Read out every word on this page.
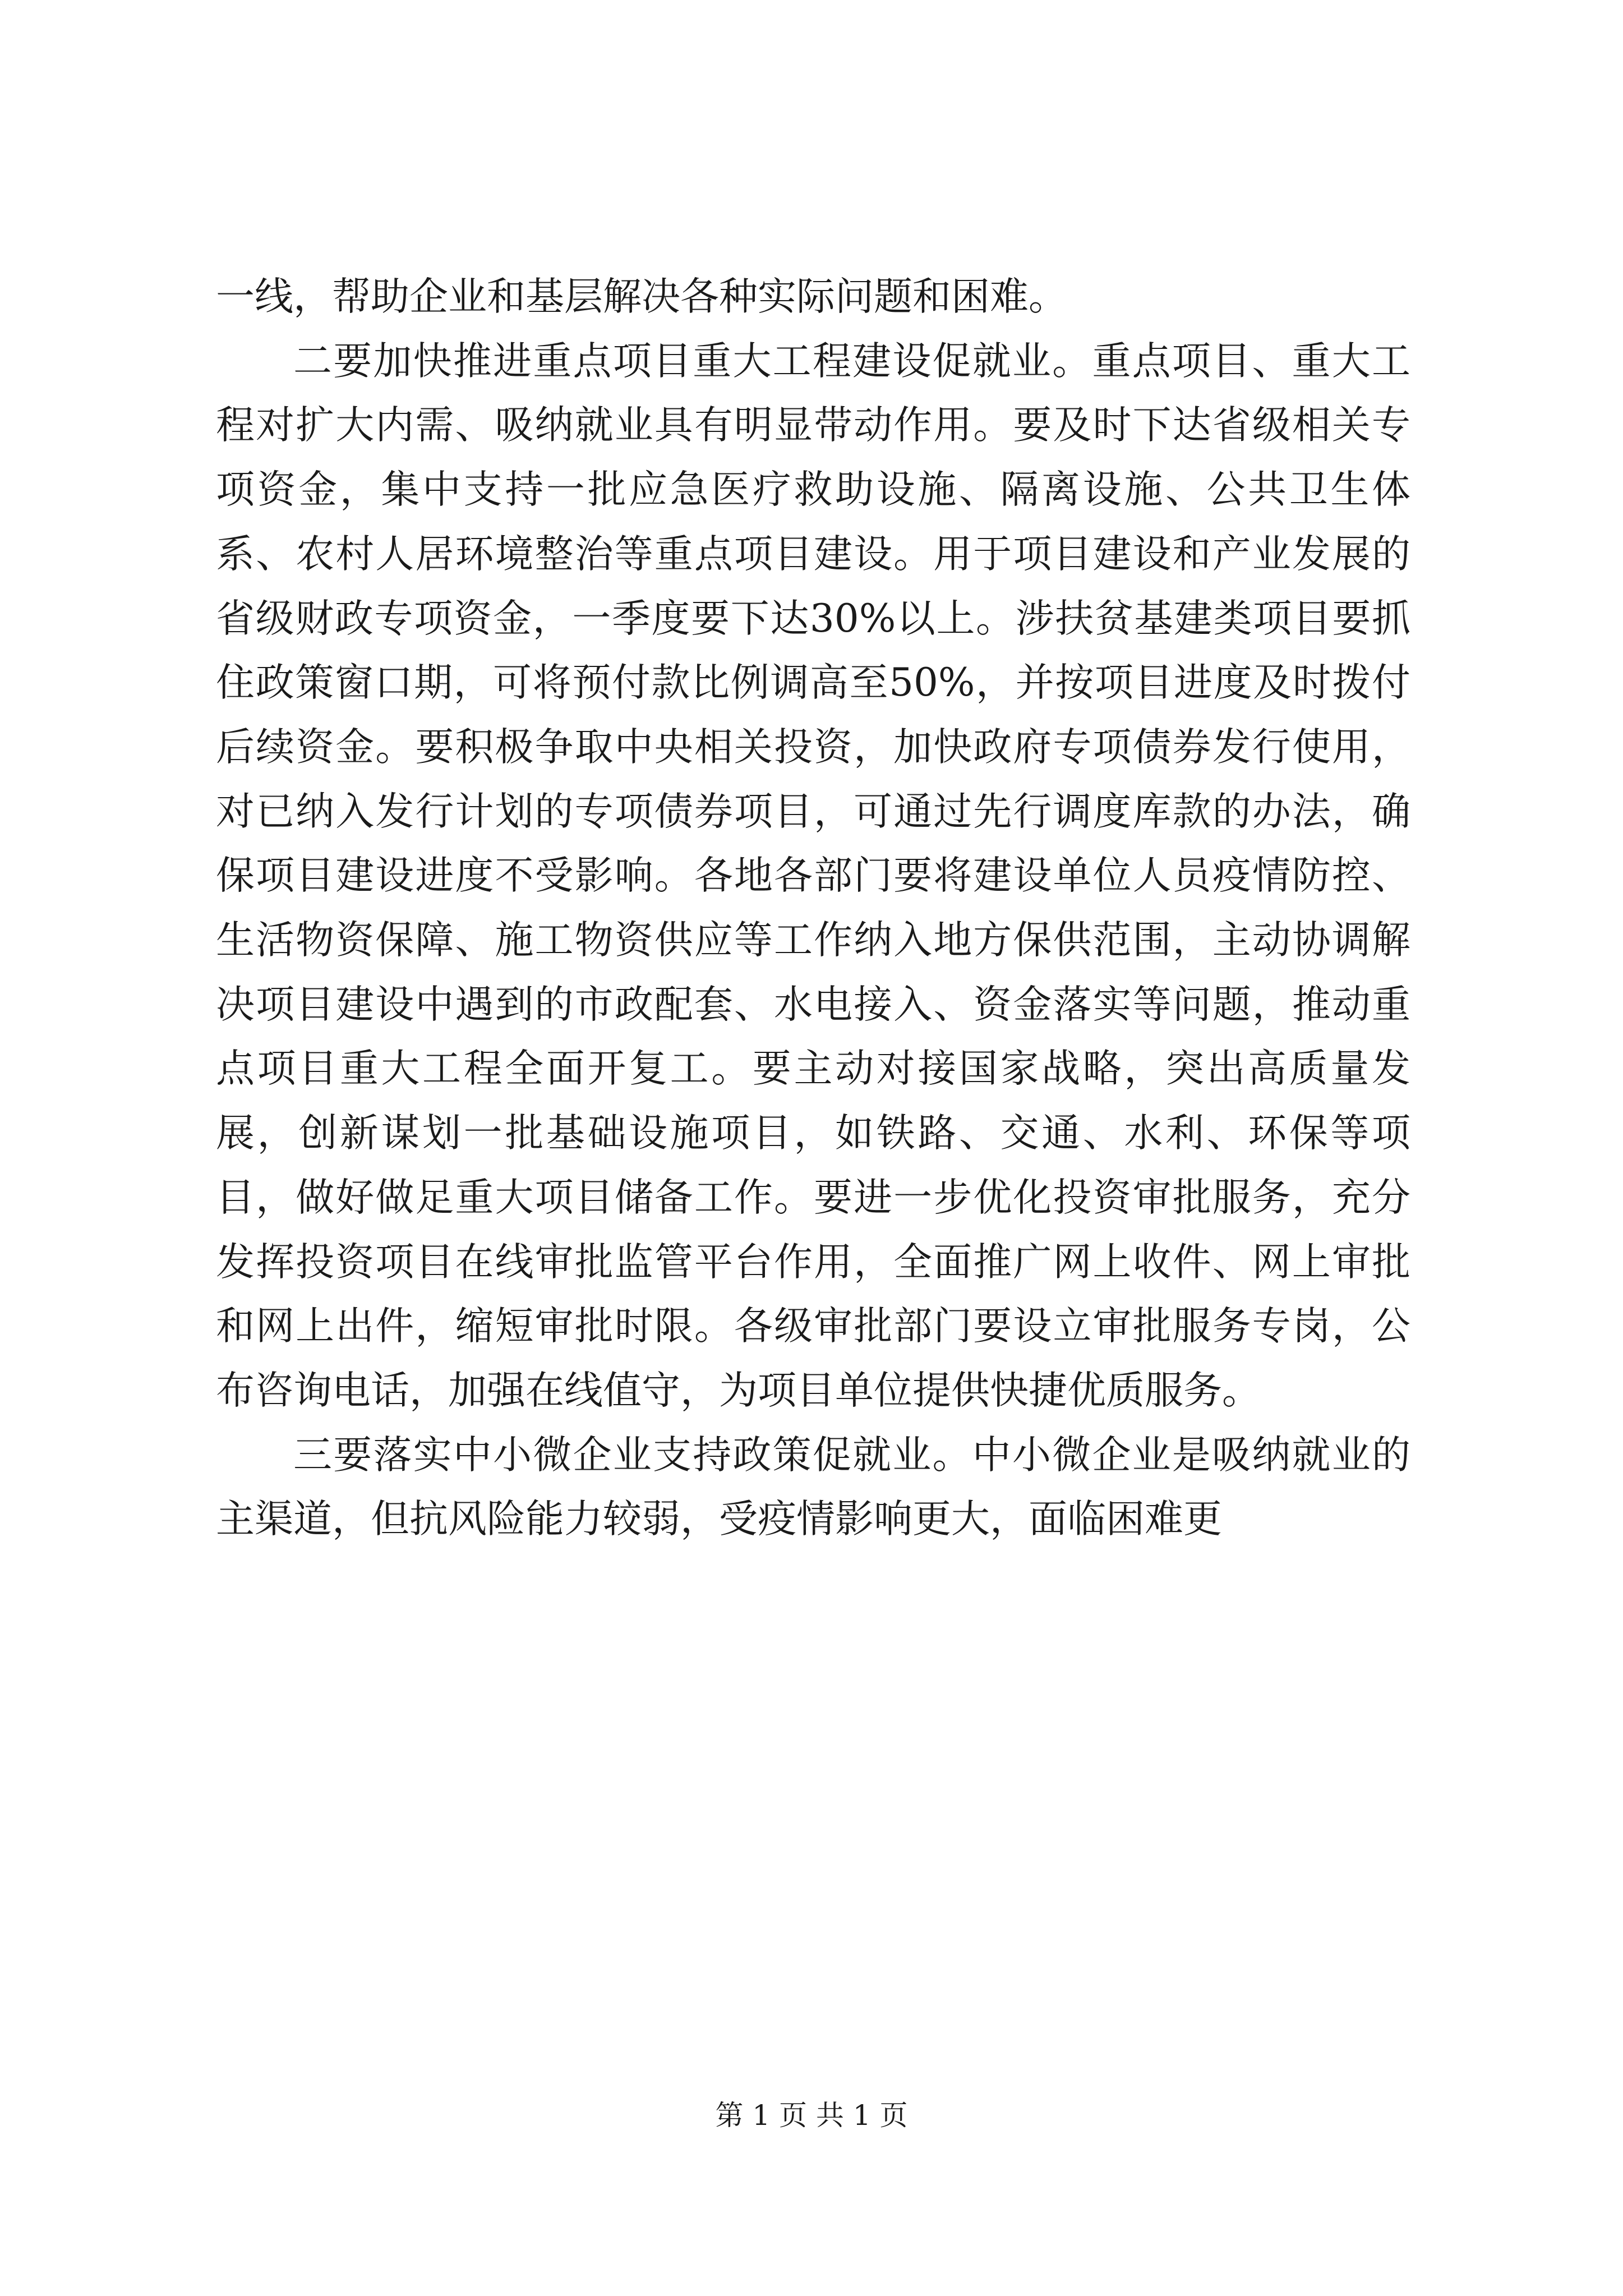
一线，帮助企业和基层解决各种实际问题和困难。

二要加快推进重点项目重大工程建设促就业。重点项目、重大工程对扩大内需、吸纳就业具有明显带动作用。要及时下达省级相关专项资金，集中支持一批应急医疗救助设施、隔离设施、公共卫生体系、农村人居环境整治等重点项目建设。用于项目建设和产业发展的省级财政专项资金，一季度要下达30%以上。涉扶贫基建类项目要抓住政策窗口期，可将预付款比例调高至50%，并按项目进度及时拨付后续资金。要积极争取中央相关投资，加快政府专项债券发行使用，对已纳入发行计划的专项债券项目，可通过先行调度库款的办法，确保项目建设进度不受影响。各地各部门要将建设单位人员疫情防控、生活物资保障、施工物资供应等工作纳入地方保供范围，主动协调解决项目建设中遇到的市政配套、水电接入、资金落实等问题，推动重点项目重大工程全面开复工。要主动对接国家战略，突出高质量发展，创新谋划一批基础设施项目，如铁路、交通、水利、环保等项目，做好做足重大项目储备工作。要进一步优化投资审批服务，充分发挥投资项目在线审批监管平台作用，全面推广网上收件、网上审批和网上出件，缩短审批时限。各级审批部门要设立审批服务专岗，公布咨询电话，加强在线值守，为项目单位提供快捷优质服务。

三要落实中小微企业支持政策促就业。中小微企业是吸纳就业的主渠道，但抗风险能力较弱，受疫情影响更大，面临困难更

第 1 页 共 1 页
